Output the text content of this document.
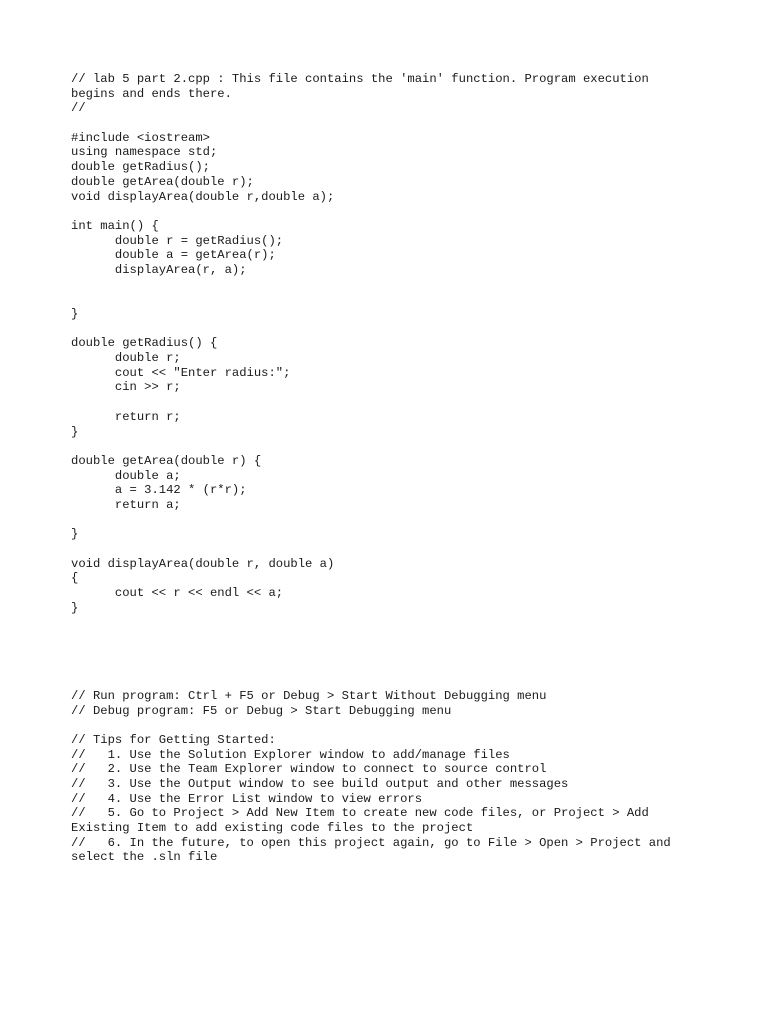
// lab 5 part 2.cpp : This file contains the 'main' function. Program execution
begins and ends there.
//
#include <iostream>
using namespace std;
double getRadius();
double getArea(double r);
void displayArea(double r,double a);
int main() {
	double r = getRadius();
	double a = getArea(r);
	displayArea(r, a);
}
double getRadius() {
	double r;
	cout << "Enter radius:";
	cin >> r;
	return r;
}
double getArea(double r) {
	double a;
	a = 3.142 * (r*r);
	return a;
}
void displayArea(double r, double a)
{
	cout << r << endl << a;
}
// Run program: Ctrl + F5 or Debug > Start Without Debugging menu
// Debug program: F5 or Debug > Start Debugging menu
// Tips for Getting Started:
//   1. Use the Solution Explorer window to add/manage files
//   2. Use the Team Explorer window to connect to source control
//   3. Use the Output window to see build output and other messages
//   4. Use the Error List window to view errors
//   5. Go to Project > Add New Item to create new code files, or Project > Add
Existing Item to add existing code files to the project
//   6. In the future, to open this project again, go to File > Open > Project and
select the .sln file
